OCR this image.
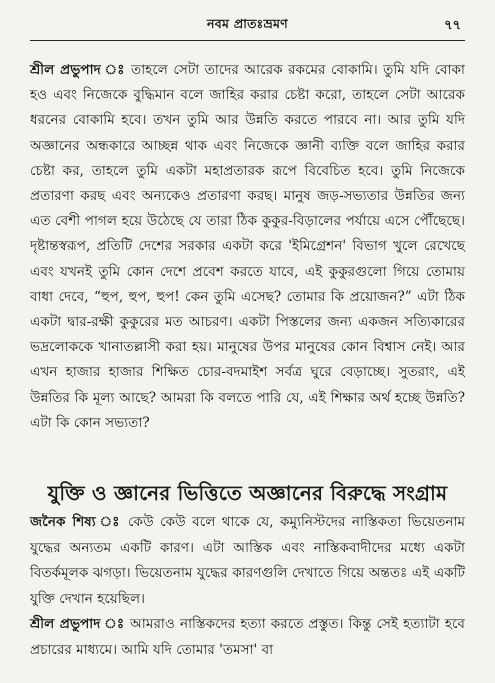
নবম প্রাতঃভ্রমণ	৭৭

শ্রীল প্রভুপাদ ঃ তাহলে সেটা তাদের আরেক রকমের বোকামি। তুমি যদি বোকা হও এবং নিজেকে বুদ্ধিমান বলে জাহির করার চেষ্টা করো, তাহলে সেটা আরেক ধরনের বোকামি হবে। তখন তুমি আর উন্নতি করতে পারবে না। আর তুমি যদি অজ্ঞানের অন্ধকারে আচ্ছন্ন থাক এবং নিজেকে জ্ঞানী ব্যক্তি বলে জাহির করার চেষ্টা কর, তাহলে তুমি একটা মহাপ্রতারক রূপে বিবেচিত হবে। তুমি নিজেকে প্রতারণা করছ এবং অন্যকেও প্রতারণা করছ। মানুষ জড়-সভ্যতার উন্নতির জন্য এত বেশী পাগল হয়ে উঠেছে যে তারা ঠিক কুকুর-বিড়ালের পর্যায়ে এসে পৌঁছেছে। দৃষ্টান্তস্বরূপ, প্রতিটি দেশের সরকার একটা করে 'ইমিগ্রেশন' বিভাগ খুলে রেখেছে এবং যখনই তুমি কোন দেশে প্রবেশ করতে যাবে, এই কুকুরগুলো গিয়ে তোমায় বাধা দেবে, “হুপ, হুপ, হুপ! কেন তুমি এসেছ? তোমার কি প্রয়োজন?” এটা ঠিক একটা দ্বার-রক্ষী কুকুরের মত আচরণ। একটা পিস্তলের জন্য একজন সত্যিকারের ভদ্রলোককে খানাতল্লাসী করা হয়। মানুষের উপর মানুষের কোন বিশ্বাস নেই। আর এখন হাজার হাজার শিক্ষিত চোর-বদমাইশ সর্বত্র ঘুরে বেড়াচ্ছে। সুতরাং, এই উন্নতির কি মূল্য আছে? আমরা কি বলতে পারি যে, এই শিক্ষার অর্থ হচ্ছে উন্নতি? এটা কি কোন সভ্যতা?

যুক্তি ও জ্ঞানের ভিত্তিতে অজ্ঞানের বিরুদ্ধে সংগ্রাম

জনৈক শিষ্য ঃ কেউ কেউ বলে থাকে যে, কম্যুনিস্টদের নাস্তিকতা ভিয়েতনাম যুদ্ধের অন্যতম একটি কারণ। এটা আস্তিক এবং নাস্তিকবাদীদের মধ্যে একটা বিতর্কমূলক ঝগড়া। ভিয়েতনাম যুদ্ধের কারণগুলি দেখাতে গিয়ে অন্ততঃ এই একটি যুক্তি দেখান হয়েছিল।

শ্রীল প্রভুপাদ ঃ আমরাও নাস্তিকদের হত্যা করতে প্রস্তুত। কিন্তু সেই হত্যাটা হবে প্রচারের মাধ্যমে। আমি যদি তোমার 'তমসা' বা
